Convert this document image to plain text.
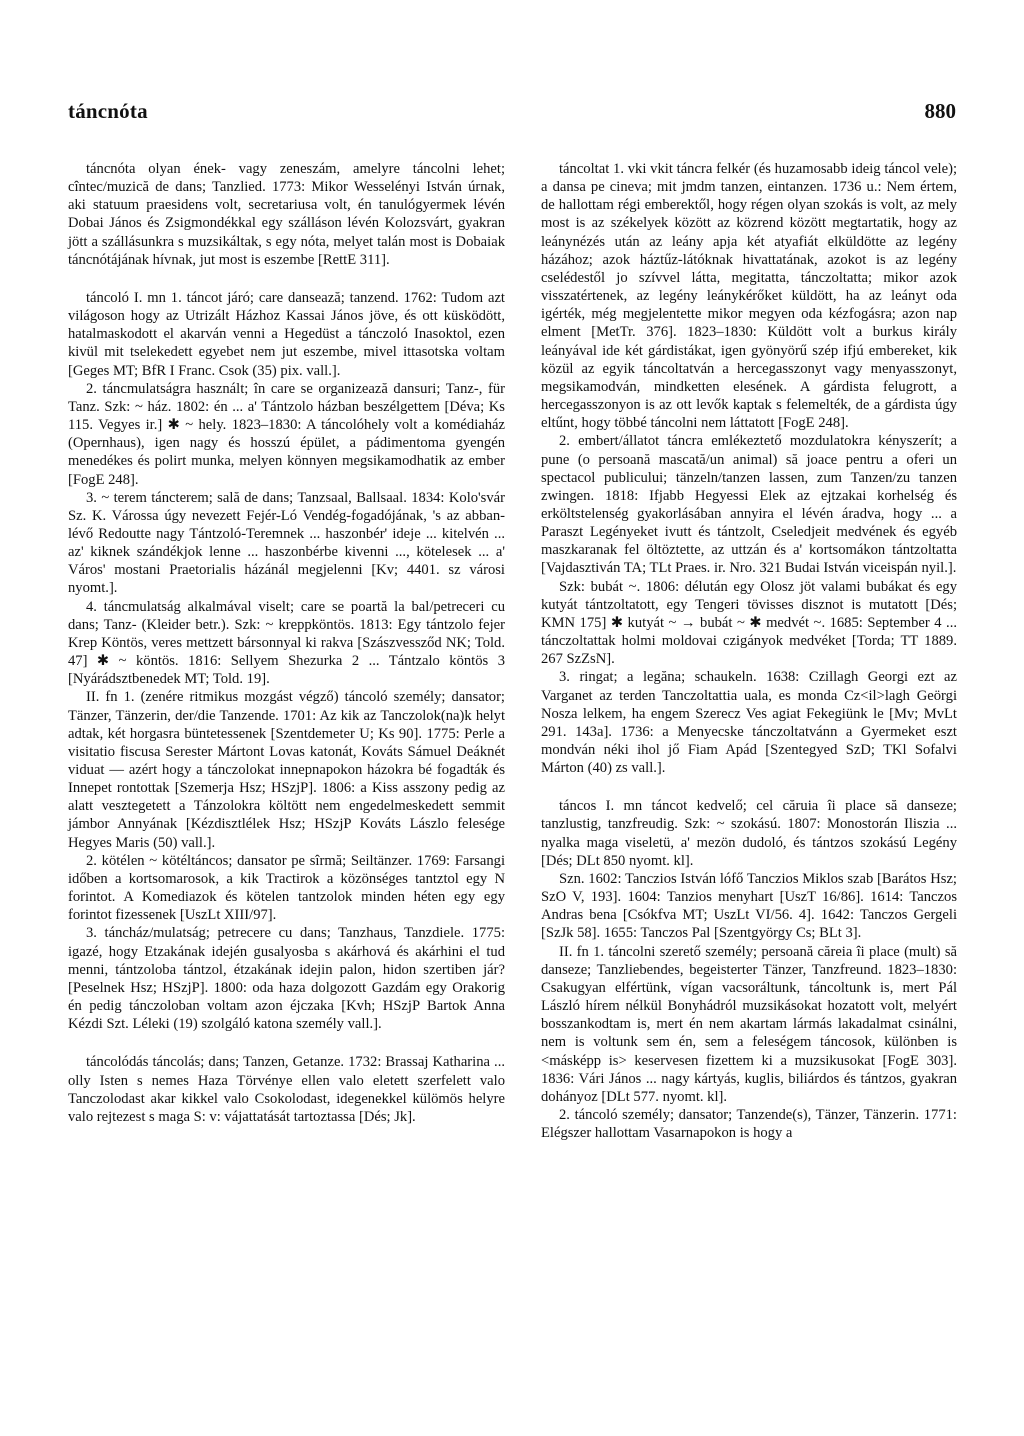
táncnóta	880

táncnóta olyan ének- vagy zeneszám, amelyre táncolni lehet; cîntec/muzică de dans; Tanzlied. 1773: Mikor Wesselényi István úrnak, aki statuum praesidens volt, secretariusa volt, én tanulógyermek lévén Dobai János és Zsigmondékkal egy szálláson lévén Kolozsvárt, gyakran jött a szállásunkra s muzsikáltak, s egy nóta, melyet talán most is Dobaiak táncnótájának hívnak, jut most is eszembe [RettE 311].

táncoló I. mn 1. táncot járó; care dansează; tanzend. 1762: Tudom azt világoson hogy az Utrizált Házhoz Kassai János jöve, és ott küsködött, hatalmaskodott el akarván venni a Hegedüst a tánczoló Inasoktol, ezen kivül mit tselekedett egyebet nem jut eszembe, mivel ittasotska voltam [Geges MT; BfR I Franc. Csok (35) pix. vall.].

2. táncmulatságra használt; în care se organizează dansuri; Tanz-, für Tanz. Szk: ~ ház. 1802: én ... a' Tántzolo házban beszélgettem [Déva; Ks 115. Vegyes ir.] ✱ ~ hely. 1823–1830: A táncolóhely volt a komédiaház (Opernhaus), igen nagy és hosszú épület, a pádimentoma gyengén menedékes és polirt munka, melyen könnyen megsikamodhatik az ember [FogE 248].

3. ~ terem táncterem; sală de dans; Tanzsaal, Ballsaal. 1834: Kolo'svár Sz. K. Várossa úgy nevezett Fejér-Ló Vendég-fogadójának, 's az abban-lévő Redoutte nagy Tántzoló-Teremnek ... haszonbér' ideje ... kitelvén ... az' kiknek szándékjok lenne ... haszonbérbe kivenni ..., kötelesek ... a' Város' mostani Praetorialis házánál megjelenni [Kv; 4401. sz városi nyomt.].

4. táncmulatság alkalmával viselt; care se poartă la bal/petreceri cu dans; Tanz- (Kleider betr.). Szk: ~ kreppköntös. 1813: Egy tántzolo fejer Krep Köntös, veres mettzett bársonnyal ki rakva [Szászvessződ NK; Told. 47] ✱ ~ köntös. 1816: Sellyem Shezurka 2 ... Tántzalo köntös 3 [Nyárádsztbenedek MT; Told. 19].

II. fn 1. (zenére ritmikus mozgást végző) táncoló személy; dansator; Tänzer, Tänzerin, der/die Tanzende. 1701: Az kik az Tanczolok(na)k helyt adtak, két horgasra büntetessenek [Szentdemeter U; Ks 90]. 1775: Perle a visitatio fiscusa Serester Mártont Lovas katonát, Kováts Sámuel Deáknét viduat — azért hogy a tánczolokat innepnapokon házokra bé fogadták és Innepet rontottak [Szemerja Hsz; HSzjP]. 1806: a Kiss asszony pedig az alatt vesztegetett a Tánzolokra költött nem engedelmeskedett semmit jámbor Annyának [Kézdisztlélek Hsz; HSzjP Kováts Lászlo feleségе Hegyes Maris (50) vall.].

2. kötélen ~ kötéltáncos; dansator pe sîrmă; Seiltänzer. 1769: Farsangi időben a kortsomarosok, a kik Tractirok a közönséges tantztol egy N forintot. A Komediazok és kötelen tantzolok minden héten egy egy forintot fizessenek [UszLt XIII/97].

3. táncház/mulatság; petrecere cu dans; Tanzhaus, Tanzdiele. 1775: igazé, hogy Etzakának idején gusalyosba s akárhová és akárhini el tud menni, tántzoloba tántzol, étzakának idejin palon, hidon szertiben jár? [Peselnek Hsz; HSzjP]. 1800: oda haza dolgozott Gazdám egy Orakorig én pedig tánczoloban voltam azon éjczaka [Kvh; HSzjP Bartok Anna Kézdi Szt. Léleki (19) szolgáló katona személy vall.].

táncolódás táncolás; dans; Tanzen, Getanze. 1732: Brassaj Katharina ... olly Isten s nemes Haza Törvénye ellen valo eletett szerfelett valo Tanczolodast akar kikkel valo Csokolodast, idegenekkel külömös helyre valo rejtezest s maga S: v: vájattatását tartoztassa [Dés; Jk].

táncoltat 1. vki vkit táncra felkér (és huzamosabb ideig táncol vele); a dansa pe cineva; mit jmdm tanzen, eintanzen. 1736 u.: Nem értem, de hallottam régi emberektől, hogy régen olyan szokás is volt, az mely most is az székelyek között az közrend között megtartatik, hogy az leánynézés után az leány apja két atyafiát elküldötte az legény házához; azok háztűz-látóknak hivattatának, azokot is az legény cselédestől jo szívvel látta, megitatta, tánczoltatta; mikor azok visszatértenek, az legény leánykérőket küldött, ha az leányt oda igérték, még megjelentette mikor megyen oda kézfogásra; azon nap elment [MetTr. 376]. 1823–1830: Küldött volt a burkus király leányával ide két gárdistákat, igen gyönyörű szép ifjú embereket, kik közül az egyik táncoltatván a hercegasszonyt vagy menyasszonyt, megsikamodván, mindketten elesének. A gárdista felugrott, a hercegasszonyon is az ott levők kaptak s felemelték, de a gárdista úgy eltűnt, hogy többé táncolni nem láttatott [FogE 248].

2. embert/állatot táncra emlékeztető mozdulatokra kényszerít; a pune (o persoană mascată/un animal) să joace pentru a oferi un spectacol publicului; tänzeln/tanzen lassen, zum Tanzen/zu tanzen zwingen. 1818: Ifjabb Hegyessi Elek az ejtzakai korhelség és erköltstelenség gyakorlásában annyira el lévén áradva, hogy ... a Paraszt Legényeket ivutt és tántzolt, Cseledjeit medvének és egyéb maszkaranak fel öltöztette, az uttzán és a' kortsomákon tántzoltatta [Vajdasztiván TA; TLt Praes. ir. Nro. 321 Budai István viceispán nyil.].

Szk: bubát ~. 1806: délután egy Olosz jöt valami bubákat és egy kutyát tántzoltatott, egy Tengeri tövisses disznot is mutatott [Dés; KMN 175] ✱ kutyát ~ → bubát ~ ✱ medvét ~. 1685: September 4 ... tánczoltattak holmi moldovai czigányok medvéket [Torda; TT 1889. 267 SzZsN].

3. ringat; a legăna; schaukeln. 1638: Czillagh Georgi ezt az Varganet az terden Tanczoltattia uala, es monda Cz<il>lagh Geörgi Nosza lelkem, ha engem Szerecz Ves agiat Fekegiünk le [Mv; MvLt 291. 143a]. 1736: a Menyecske tánczoltatvánn a Gyermeket eszt mondván néki ihol jő Fiam Apád [Szentegyed SzD; TKl Sofalvi Márton (40) zs vall.].

táncos I. mn táncot kedvelő; cel căruia îi place să danseze; tanzlustig, tanzfreudig. Szk: ~ szokású. 1807: Monostorán Iliszia ... nyalka maga viseletü, a' mezön dudoló, és tántzos szokású Legény [Dés; DLt 850 nyomt. kl].

Szn. 1602: Tanczios István lófő Tanczios Miklos szab [Barátos Hsz; SzO V, 193]. 1604: Tanzios menyhart [UszT 16/86]. 1614: Tanczos Andras bena [Csókfva MT; UszLt VI/56. 4]. 1642: Tanczos Gergeli [SzJk 58]. 1655: Tanczos Pal [Szentgyörgy Cs; BLt 3].

II. fn 1. táncolni szerető személy; persoană căreia îi place (mult) să danseze; Tanzliebendes, begeisterter Tänzer, Tanzfreund. 1823–1830: Csakugyan elfértünk, vígan vacsoráltunk, táncoltunk is, mert Pál László hírem nélkül Bonyhádról muzsikásokat hozatott volt, melyért bosszankodtam is, mert én nem akartam lármás lakadalmat csinálni, nem is voltunk sem én, sem a feleségem táncosok, különben is <másképp is> keservesen fizettem ki a muzsikusokat [FogE 303]. 1836: Vári János ... nagy kártyás, kuglis, biliárdos és tántzos, gyakran dohányoz [DLt 577. nyomt. kl].

2. táncoló személy; dansator; Tanzende(s), Tänzer, Tänzerin. 1771: Elégszer hallottam Vasarnapokon is hogy a
